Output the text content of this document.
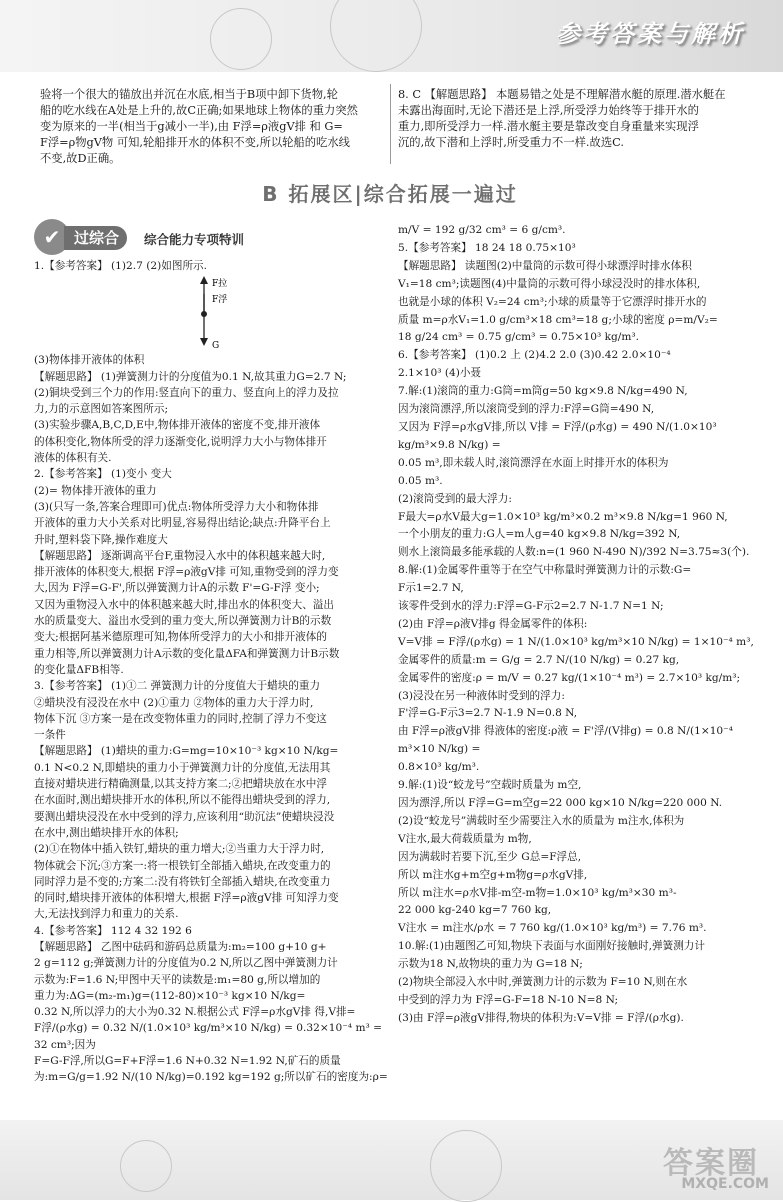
参考答案与解析

验将一个很大的锚放出并沉在水底,相当于B项中卸下货物,轮

船的吃水线在A处是上升的,故C正确;如果地球上物体的重力突然

变为原来的一半(相当于g减小一半),由 F浮=ρ液gV排 和 G=

F浮=ρ物gV物 可知,轮船排开水的体积不变,所以轮船的吃水线

不变,故D正确。

8. C 【解题思路】 本题易错之处是不理解潜水艇的原理.潜水艇在

未露出海面时,无论下潜还是上浮,所受浮力始终等于排开水的

重力,即所受浮力一样.潜水艇主要是靠改变自身重量来实现浮

沉的,故下潜和上浮时,所受重力不一样.故选C.

B 拓展区|综合拓展一遍过
✔ 过综合	综合能力专项特训

1.【参考答案】 (1)2.7 (2)如图所示.

(3)物体排开液体的体积

【解题思路】 (1)弹簧测力计的分度值为0.1 N,故其重力G=2.7 N;

(2)铜块受到三个力的作用:竖直向下的重力、竖直向上的浮力及拉

力,力的示意图如答案图所示;

(3)实验步骤A,B,C,D,E中,物体排开液体的密度不变,排开液体

的体积变化,物体所受的浮力逐渐变化,说明浮力大小与物体排开

液体的体积有关.

2.【参考答案】 (1)变小 变大

(2)= 物体排开液体的重力

(3)(只写一条,答案合理即可)优点:物体所受浮力大小和物体排

开液体的重力大小关系对比明显,容易得出结论;缺点:升降平台上

升时,塑料袋下降,操作难度大

【解题思路】 逐渐调高平台F,重物浸入水中的体积越来越大时,

排开液体的体积变大,根据 F浮=ρ液gV排 可知,重物受到的浮力变

大,因为 F浮=G-F',所以弹簧测力计A的示数 F'=G-F浮 变小;

又因为重物浸入水中的体积越来越大时,排出水的体积变大、溢出

水的质量变大、溢出水受到的重力变大,所以弹簧测力计B的示数

变大;根据阿基米德原理可知,物体所受浮力的大小和排开液体的

重力相等,所以弹簧测力计A示数的变化量ΔFA和弹簧测力计B示数

的变化量ΔFB相等.

3.【参考答案】 (1)①二 弹簧测力计的分度值大于蜡块的重力

②蜡块没有浸没在水中 (2)①重力 ②物体的重力大于浮力时,

物体下沉 ③方案一是在改变物体重力的同时,控制了浮力不变这

一条件

【解题思路】 (1)蜡块的重力:G=mg=10×10⁻³ kg×10 N/kg=

0.1 N<0.2 N,即蜡块的重力小于弹簧测力计的分度值,无法用其

直接对蜡块进行精确测量,以其支持方案二;②把蜡块放在水中浮

在水面时,测出蜡块排开水的体积,所以不能得出蜡块受到的浮力,

要测出蜡块浸没在水中受到的浮力,应该利用“助沉法”使蜡块浸没

在水中,测出蜡块排开水的体积;

(2)①在物体中插入铁钉,蜡块的重力增大;②当重力大于浮力时,

物体就会下沉;③方案一:将一根铁钉全部插入蜡块,在改变重力的

同时浮力是不变的;方案二:没有将铁钉全部插入蜡块,在改变重力

的同时,蜡块排开液体的体积增大,根据 F浮=ρ液gV排 可知浮力变

大,无法找到浮力和重力的关系.

4.【参考答案】 112 4 32 192 6

【解题思路】 乙图中砝码和游码总质量为:m₂=100 g+10 g+

2 g=112 g;弹簧测力计的分度值为0.2 N,所以乙图中弹簧测力计

示数为:F=1.6 N;甲图中天平的读数是:m₁=80 g,所以增加的

重力为:ΔG=(m₂-m₁)g=(112-80)×10⁻³ kg×10 N/kg=

0.32 N,所以浮力的大小为0.32 N.根据公式 F浮=ρ水gV排 得,V排=

F浮/(ρ水g) = 0.32 N/(1.0×10³ kg/m³×10 N/kg) = 0.32×10⁻⁴ m³ = 32 cm³;因为

F=G-F浮,所以G=F+F浮=1.6 N+0.32 N=1.92 N,矿石的质量

为:m=G/g=1.92 N/(10 N/kg)=0.192 kg=192 g;所以矿石的密度为:ρ=

F拉
F浮
G

m/V = 192 g/32 cm³ = 6 g/cm³.

5.【参考答案】 18 24 18 0.75×10³

【解题思路】 读题图(2)中量筒的示数可得小球漂浮时排水体积

V₁=18 cm³;读题图(4)中量筒的示数可得小球浸没时的排水体积,

也就是小球的体积 V₂=24 cm³;小球的质量等于它漂浮时排开水的

质量 m=ρ水V₁=1.0 g/cm³×18 cm³=18 g;小球的密度 ρ=m/V₂=

18 g/24 cm³ = 0.75 g/cm³ = 0.75×10³ kg/m³.

6.【参考答案】 (1)0.2 上 (2)4.2 2.0 (3)0.42 2.0×10⁻⁴

2.1×10³ (4)小聂

7.解:(1)滚筒的重力:G筒=m筒g=50 kg×9.8 N/kg=490 N,

因为滚筒漂浮,所以滚筒受到的浮力:F浮=G筒=490 N,

又因为 F浮=ρ水gV排,所以 V排 = F浮/(ρ水g) = 490 N/(1.0×10³ kg/m³×9.8 N/kg) =

0.05 m³,即未载人时,滚筒漂浮在水面上时排开水的体积为

0.05 m³.

(2)滚筒受到的最大浮力:

F最大=ρ水V最大g=1.0×10³ kg/m³×0.2 m³×9.8 N/kg=1 960 N,

一个小朋友的重力:G人=m人g=40 kg×9.8 N/kg=392 N,

则水上滚筒最多能承载的人数:n=(1 960 N-490 N)/392 N=3.75≈3(个).

8.解:(1)金属零件重等于在空气中称量时弹簧测力计的示数:G=

F示1=2.7 N,

该零件受到水的浮力:F浮=G-F示2=2.7 N-1.7 N=1 N;

(2)由 F浮=ρ液V排g 得金属零件的体积:

V=V排 = F浮/(ρ水g) = 1 N/(1.0×10³ kg/m³×10 N/kg) = 1×10⁻⁴ m³,

金属零件的质量:m = G/g = 2.7 N/(10 N/kg) = 0.27 kg,

金属零件的密度:ρ = m/V = 0.27 kg/(1×10⁻⁴ m³) = 2.7×10³ kg/m³;

(3)浸没在另一种液体时受到的浮力:

F'浮=G-F示3=2.7 N-1.9 N=0.8 N,

由 F浮=ρ液gV排 得液体的密度:ρ液 = F'浮/(V排g) = 0.8 N/(1×10⁻⁴ m³×10 N/kg) =

0.8×10³ kg/m³.

9.解:(1)设“蛟龙号”空载时质量为 m空,

因为漂浮,所以 F浮=G=m空g=22 000 kg×10 N/kg=220 000 N.

(2)设“蛟龙号”满载时至少需要注入水的质量为 m注水,体积为

V注水,最大荷载质量为 m物,

因为满载时若要下沉,至少 G总=F浮总,

所以 m注水g+m空g+m物g=ρ水gV排,

所以 m注水=ρ水V排-m空-m物=1.0×10³ kg/m³×30 m³-

22 000 kg-240 kg=7 760 kg,

V注水 = m注水/ρ水 = 7 760 kg/(1.0×10³ kg/m³) = 7.76 m³.

10.解:(1)由题图乙可知,物块下表面与水面刚好接触时,弹簧测力计

示数为18 N,故物块的重力为 G=18 N;

(2)物块全部浸入水中时,弹簧测力计的示数为 F=10 N,则在水

中受到的浮力为 F浮=G-F=18 N-10 N=8 N;

(3)由 F浮=ρ液gV排得,物块的体积为:V=V排 = F浮/(ρ水g).

答案圈
MXQE.COM
